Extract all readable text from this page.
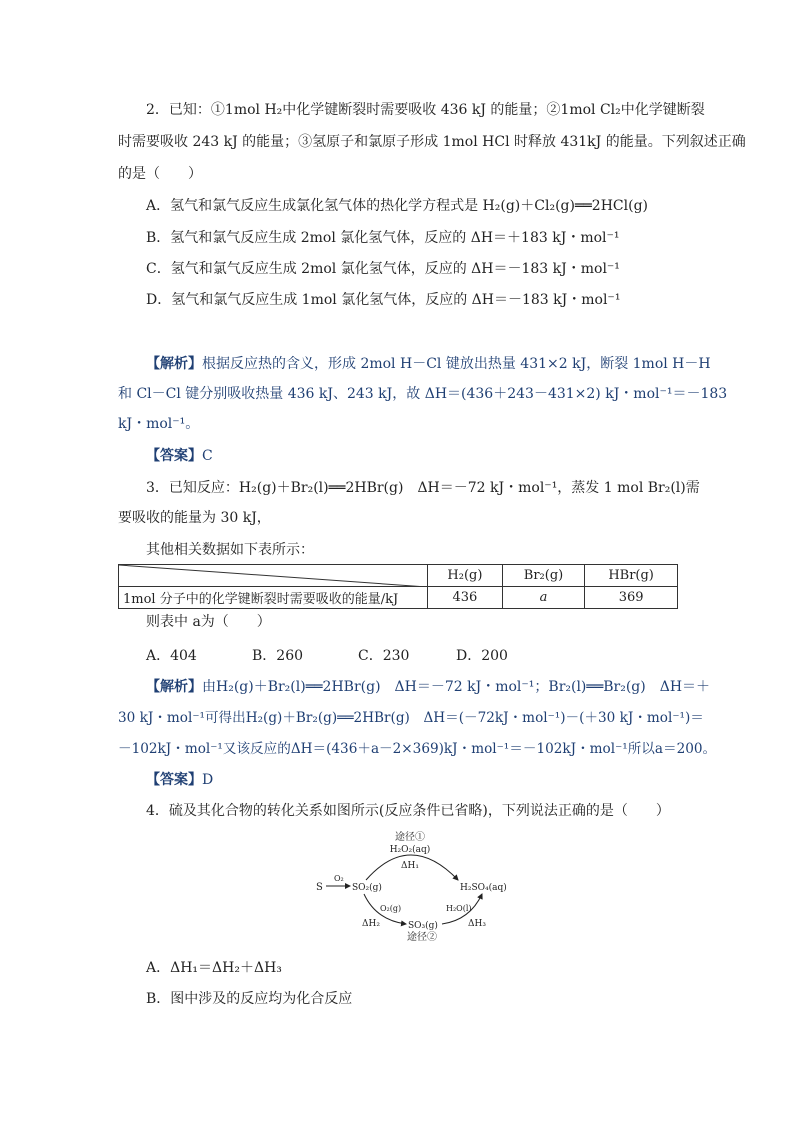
2．已知：①1mol H₂中化学键断裂时需要吸收 436 kJ 的能量；②1mol Cl₂中化学键断裂
时需要吸收 243 kJ 的能量；③氢原子和氯原子形成 1mol HCl 时释放 431kJ 的能量。下列叙述正确
的是（　　）
A．氢气和氯气反应生成氯化氢气体的热化学方程式是 H₂(g)＋Cl₂(g)══2HCl(g)
B．氢气和氯气反应生成 2mol 氯化氢气体，反应的 ΔH＝＋183 kJ・mol⁻¹
C．氢气和氯气反应生成 2mol 氯化氢气体，反应的 ΔH＝－183 kJ・mol⁻¹
D．氢气和氯气反应生成 1mol 氯化氢气体，反应的 ΔH＝－183 kJ・mol⁻¹
【解析】根据反应热的含义，形成 2mol H－Cl 键放出热量 431×2 kJ，断裂 1mol H－H
和 Cl－Cl 键分别吸收热量 436 kJ、243 kJ，故 ΔH＝(436＋243－431×2) kJ・mol⁻¹＝－183
kJ・mol⁻¹。
【答案】C
3．已知反应：H₂(g)＋Br₂(l)══2HBr(g)　ΔH＝－72 kJ・mol⁻¹，蒸发 1 mol Br₂(l)需
要吸收的能量为 30 kJ，
其他相关数据如下表所示：
	H₂(g)	Br₂(g)	HBr(g)
1mol 分子中的化学键断裂时需要吸收的能量/kJ	436	a	369
则表中 a为（　　）
A．404	B．260	C．230	D．200
【解析】由H₂(g)＋Br₂(l)══2HBr(g)　ΔH＝－72 kJ・mol⁻¹；Br₂(l)══Br₂(g)　ΔH＝＋
30 kJ・mol⁻¹可得出H₂(g)＋Br₂(g)══2HBr(g)　ΔH＝(－72kJ・mol⁻¹)－(＋30 kJ・mol⁻¹)＝
－102kJ・mol⁻¹又该反应的ΔH＝(436＋a－2×369)kJ・mol⁻¹＝－102kJ・mol⁻¹所以a＝200。
【答案】D
4．硫及其化合物的转化关系如图所示(反应条件已省略)，下列说法正确的是（　　）
途径①
H₂O₂(aq)
ΔH₁
S
O₂
SO₂(g)	H₂SO₄(aq)
O₂(g)
ΔH₂	SO₃(g)
H₂O(l)
ΔH₃
途径②
A．ΔH₁＝ΔH₂＋ΔH₃
B．图中涉及的反应均为化合反应
